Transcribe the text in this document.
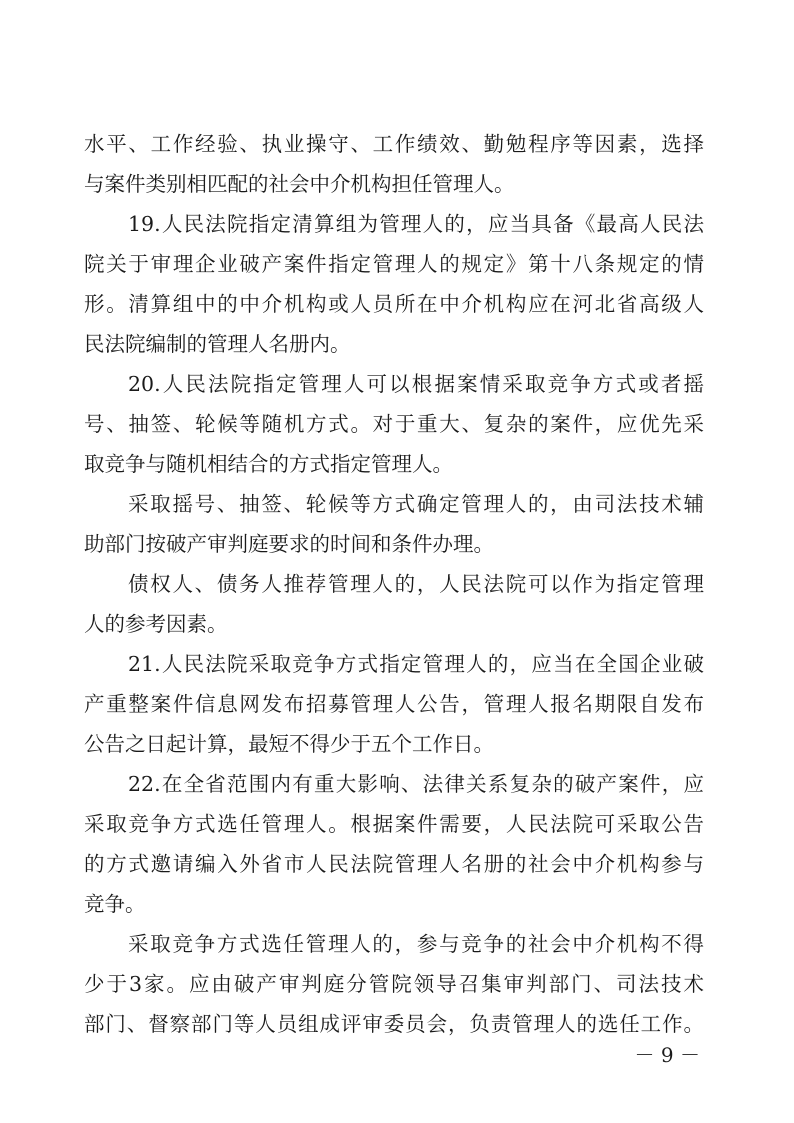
水平、工作经验、执业操守、工作绩效、勤勉程序等因素，选择
与案件类别相匹配的社会中介机构担任管理人。
19.人民法院指定清算组为管理人的，应当具备《最高人民法
院关于审理企业破产案件指定管理人的规定》第十八条规定的情
形。清算组中的中介机构或人员所在中介机构应在河北省高级人
民法院编制的管理人名册内。
20.人民法院指定管理人可以根据案情采取竞争方式或者摇
号、抽签、轮候等随机方式。对于重大、复杂的案件，应优先采
取竞争与随机相结合的方式指定管理人。
采取摇号、抽签、轮候等方式确定管理人的，由司法技术辅
助部门按破产审判庭要求的时间和条件办理。
债权人、债务人推荐管理人的，人民法院可以作为指定管理
人的参考因素。
21.人民法院采取竞争方式指定管理人的，应当在全国企业破
产重整案件信息网发布招募管理人公告，管理人报名期限自发布
公告之日起计算，最短不得少于五个工作日。
22.在全省范围内有重大影响、法律关系复杂的破产案件，应
采取竞争方式选任管理人。根据案件需要，人民法院可采取公告
的方式邀请编入外省市人民法院管理人名册的社会中介机构参与
竞争。
采取竞争方式选任管理人的，参与竞争的社会中介机构不得
少于3家。应由破产审判庭分管院领导召集审判部门、司法技术
部门、督察部门等人员组成评审委员会，负责管理人的选任工作。
－ 9 －
